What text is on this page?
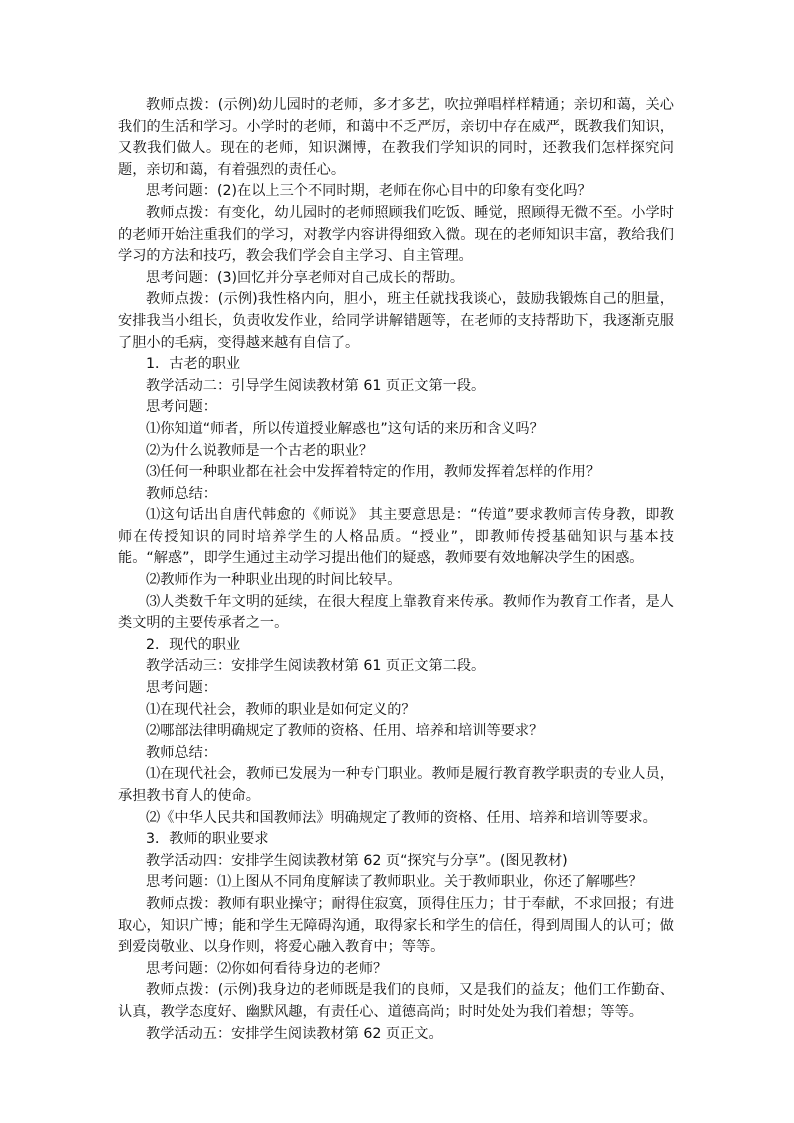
教师点拨：(示例)幼儿园时的老师，多才多艺，吹拉弹唱样样精通；亲切和蔼，关心我们的生活和学习。小学时的老师，和蔼中不乏严厉，亲切中存在威严，既教我们知识，又教我们做人。现在的老师，知识渊博，在教我们学知识的同时，还教我们怎样探究问题，亲切和蔼，有着强烈的责任心。

思考问题：(2)在以上三个不同时期，老师在你心目中的印象有变化吗？

教师点拨：有变化，幼儿园时的老师照顾我们吃饭、睡觉，照顾得无微不至。小学时的老师开始注重我们的学习，对教学内容讲得细致入微。现在的老师知识丰富，教给我们学习的方法和技巧，教会我们学会自主学习、自主管理。

思考问题：(3)回忆并分享老师对自己成长的帮助。

教师点拨：(示例)我性格内向，胆小，班主任就找我谈心，鼓励我锻炼自己的胆量，安排我当小组长，负责收发作业，给同学讲解错题等，在老师的支持帮助下，我逐渐克服了胆小的毛病，变得越来越有自信了。

1．古老的职业

教学活动二：引导学生阅读教材第 61 页正文第一段。

思考问题：

⑴你知道“师者，所以传道授业解惑也”这句话的来历和含义吗？

⑵为什么说教师是一个古老的职业？

⑶任何一种职业都在社会中发挥着特定的作用，教师发挥着怎样的作用？

教师总结：

⑴这句话出自唐代韩愈的《师说》 其主要意思是：“传道”要求教师言传身教，即教师在传授知识的同时培养学生的人格品质。“授业”，即教师传授基础知识与基本技能。“解惑”，即学生通过主动学习提出他们的疑惑，教师要有效地解决学生的困惑。

⑵教师作为一种职业出现的时间比较早。

⑶人类数千年文明的延续，在很大程度上靠教育来传承。教师作为教育工作者，是人类文明的主要传承者之一。

2．现代的职业

教学活动三：安排学生阅读教材第 61 页正文第二段。

思考问题：

⑴在现代社会，教师的职业是如何定义的？

⑵哪部法律明确规定了教师的资格、任用、培养和培训等要求？

教师总结：

⑴在现代社会，教师已发展为一种专门职业。教师是履行教育教学职责的专业人员，承担教书育人的使命。

⑵《中华人民共和国教师法》明确规定了教师的资格、任用、培养和培训等要求。

3．教师的职业要求

教学活动四：安排学生阅读教材第 62 页“探究与分享”。(图见教材)

思考问题：⑴上图从不同角度解读了教师职业。关于教师职业，你还了解哪些？

教师点拨：教师有职业操守；耐得住寂寞，顶得住压力；甘于奉献，不求回报；有进取心，知识广博；能和学生无障碍沟通，取得家长和学生的信任，得到周围人的认可；做到爱岗敬业、以身作则，将爱心融入教育中；等等。

思考问题：⑵你如何看待身边的老师？

教师点拨：(示例)我身边的老师既是我们的良师，又是我们的益友；他们工作勤奋、认真，教学态度好、幽默风趣，有责任心、道德高尚；时时处处为我们着想；等等。

教学活动五：安排学生阅读教材第 62 页正文。
